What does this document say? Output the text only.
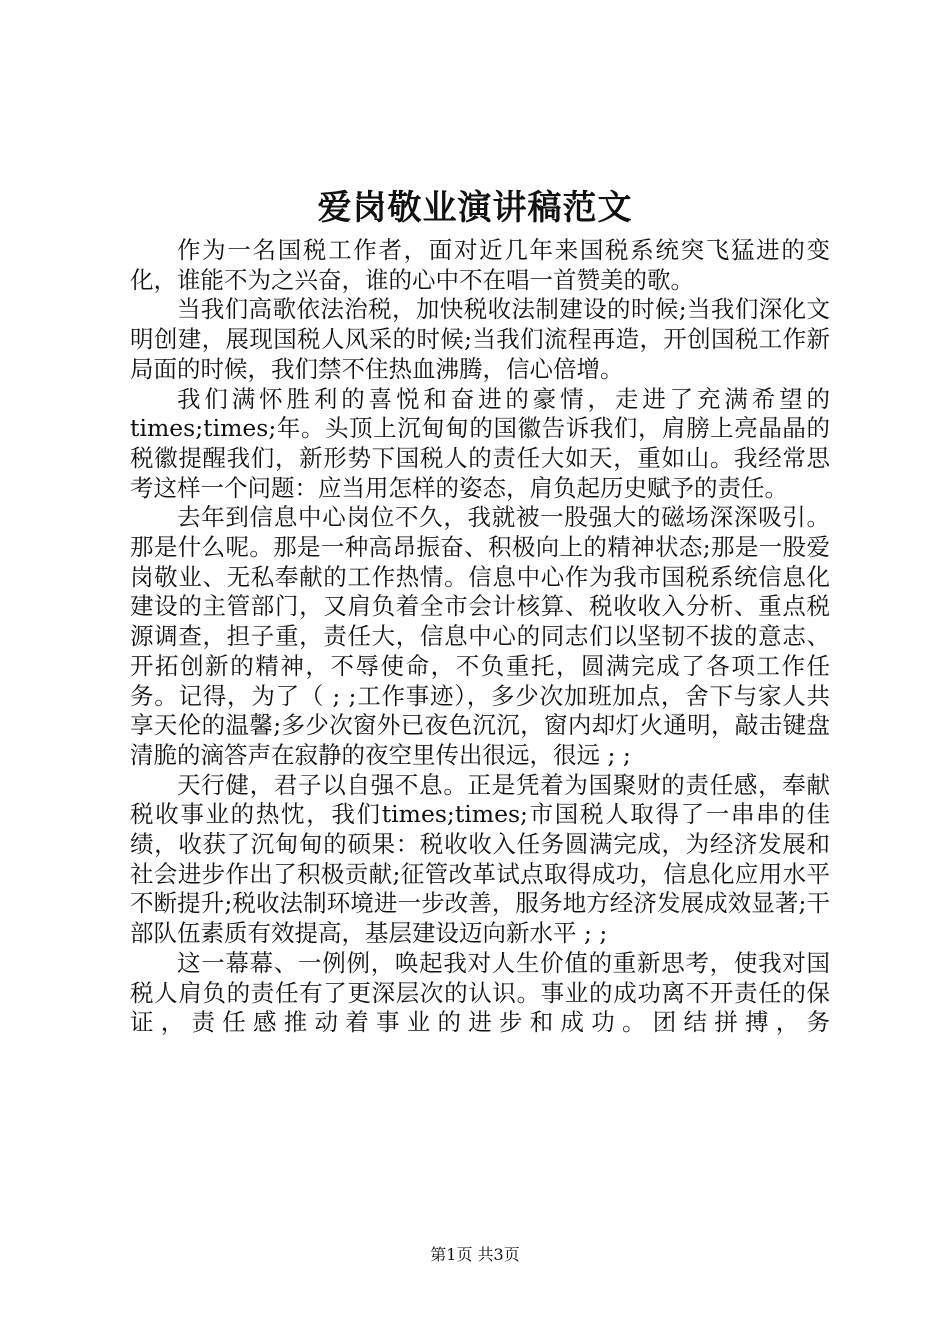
爱岗敬业演讲稿范文

作为一名国税工作者，面对近几年来国税系统突飞猛进的变化，谁能不为之兴奋，谁的心中不在唱一首赞美的歌。

当我们高歌依法治税，加快税收法制建设的时候;当我们深化文明创建，展现国税人风采的时候;当我们流程再造，开创国税工作新局面的时候，我们禁不住热血沸腾，信心倍增。

我们满怀胜利的喜悦和奋进的豪情，走进了充满希望的times;times;年。头顶上沉甸甸的国徽告诉我们，肩膀上亮晶晶的税徽提醒我们，新形势下国税人的责任大如天，重如山。我经常思考这样一个问题：应当用怎样的姿态，肩负起历史赋予的责任。

去年到信息中心岗位不久，我就被一股强大的磁场深深吸引。那是什么呢。那是一种高昂振奋、积极向上的精神状态;那是一股爱岗敬业、无私奉献的工作热情。信息中心作为我市国税系统信息化建设的主管部门，又肩负着全市会计核算、税收收入分析、重点税源调查，担子重，责任大，信息中心的同志们以坚韧不拔的意志、开拓创新的精神，不辱使命，不负重托，圆满完成了各项工作任务。记得，为了（ ; ;工作事迹），多少次加班加点，舍下与家人共享天伦的温馨;多少次窗外已夜色沉沉，窗内却灯火通明，敲击键盘清脆的滴答声在寂静的夜空里传出很远，很远 ; ;

天行健，君子以自强不息。正是凭着为国聚财的责任感，奉献税收事业的热忱，我们times;times;市国税人取得了一串串的佳绩，收获了沉甸甸的硕果：税收收入任务圆满完成，为经济发展和社会进步作出了积极贡献;征管改革试点取得成功，信息化应用水平不断提升;税收法制环境进一步改善，服务地方经济发展成效显著;干部队伍素质有效提高，基层建设迈向新水平 ; ;

这一幕幕、一例例，唤起我对人生价值的重新思考，使我对国税人肩负的责任有了更深层次的认识。事业的成功离不开责任的保证，责任感推动着事业的进步和成功。团结拼搏，务

第1页 共3页
